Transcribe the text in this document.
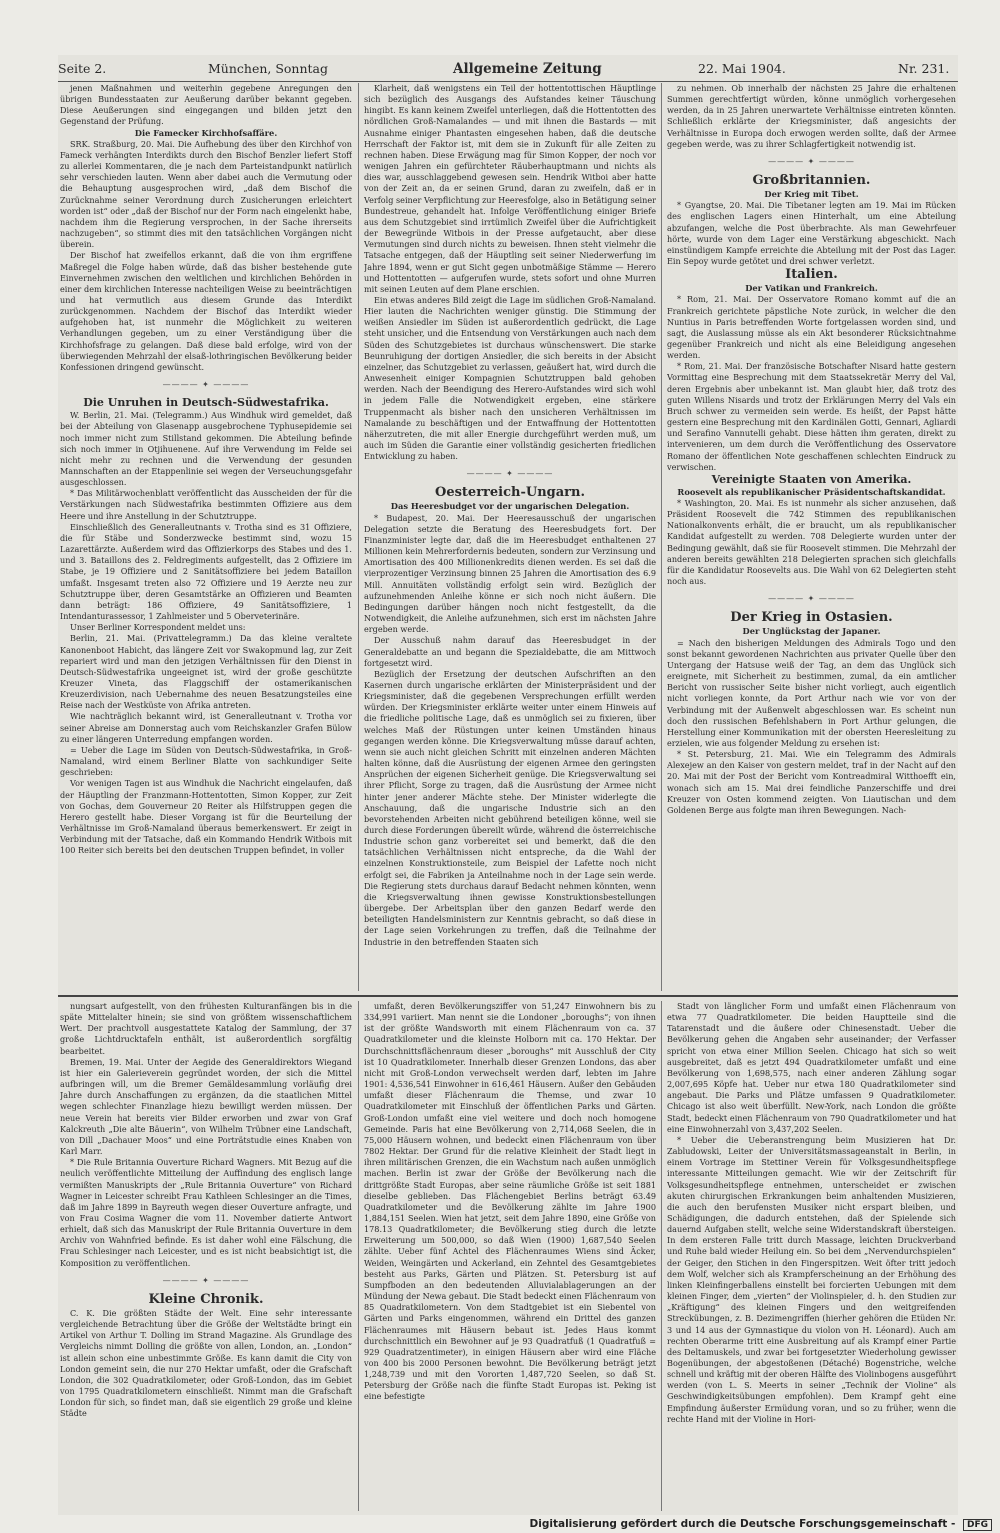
Seite 2.	München, Sonntag	Allgemeine Zeitung	22. Mai 1904.	Nr. 231.

jenen Maßnahmen und weiterhin gegebene Anregungen den übrigen Bundesstaaten zur Aeußerung darüber bekannt gegeben. Diese Aeußerungen sind eingegangen und bilden jetzt den Gegenstand der Prüfung.

Die Famecker Kirchhofsaffäre.

SRK. Straßburg, 20. Mai. Die Aufhebung des über den Kirchhof von Fameck verhängten Interdikts durch den Bischof Benzler liefert Stoff zu allerlei Kommentaren, die je nach dem Parteistandpunkt natürlich sehr verschieden lauten. Wenn aber dabei auch die Vermutung oder die Behauptung ausgesprochen wird, „daß dem Bischof die Zurücknahme seiner Verordnung durch Zusicherungen erleichtert worden ist“ oder „daß der Bischof nur der Form nach eingelenkt habe, nachdem ihm die Regierung versprochen, in der Sache ihrerseits nachzugeben“, so stimmt dies mit den tatsächlichen Vorgängen nicht überein.

Der Bischof hat zweifellos erkannt, daß die von ihm ergriffene Maßregel die Folge haben würde, daß das bisher bestehende gute Einvernehmen zwischen den weltlichen und kirchlichen Behörden in einer dem kirchlichen Interesse nachteiligen Weise zu beeinträchtigen und hat vermutlich aus diesem Grunde das Interdikt zurückgenommen. Nachdem der Bischof das Interdikt wieder aufgehoben hat, ist nunmehr die Möglichkeit zu weiteren Verhandlungen gegeben, um zu einer Verständigung über die Kirchhofsfrage zu gelangen. Daß diese bald erfolge, wird von der überwiegenden Mehrzahl der elsaß-lothringischen Bevölkerung beider Konfessionen dringend gewünscht.

———— ✦ ————

Die Unruhen in Deutsch-Südwestafrika.

W. Berlin, 21. Mai. (Telegramm.) Aus Windhuk wird gemeldet, daß bei der Abteilung von Glasenapp ausgebrochene Typhusepidemie sei noch immer nicht zum Stillstand gekommen. Die Abteilung befinde sich noch immer in Otjihuenene. Auf ihre Verwendung im Felde sei nicht mehr zu rechnen und die Verwendung der gesunden Mannschaften an der Etappenlinie sei wegen der Verseuchungsgefahr ausgeschlossen.

* Das Militärwochenblatt veröffentlicht das Ausscheiden der für die Verstärkungen nach Südwestafrika bestimmten Offiziere aus dem Heere und ihre Anstellung in der Schutztruppe.

Einschließlich des Generalleutnants v. Trotha sind es 31 Offiziere, die für Stäbe und Sonderzwecke bestimmt sind, wozu 15 Lazarettärzte. Außerdem wird das Offizierkorps des Stabes und des 1. und 3. Bataillons des 2. Feldregiments aufgestellt, das 2 Offiziere im Stabe, je 19 Offiziere und 2 Sanitätsoffiziere bei jedem Bataillon umfaßt. Insgesamt treten also 72 Offiziere und 19 Aerzte neu zur Schutztruppe über, deren Gesamtstärke an Offizieren und Beamten dann beträgt: 186 Offiziere, 49 Sanitätsoffiziere, 1 Intendanturassessor, 1 Zahlmeister und 5 Oberveterinäre.

Unser Berliner Korrespondent meldet uns:

Berlin, 21. Mai. (Privattelegramm.) Da das kleine veraltete Kanonenboot Habicht, das längere Zeit vor Swakopmund lag, zur Zeit repariert wird und man den jetzigen Verhältnissen für den Dienst in Deutsch-Südwestafrika ungeeignet ist, wird der große geschützte Kreuzer Vineta, das Flaggschiff der ostamerikanischen Kreuzerdivision, nach Uebernahme des neuen Besatzungsteiles eine Reise nach der Westküste von Afrika antreten.

Wie nachträglich bekannt wird, ist Generalleutnant v. Trotha vor seiner Abreise am Donnerstag auch vom Reichskanzler Grafen Bülow zu einer längeren Unterredung empfangen worden.

= Ueber die Lage im Süden von Deutsch-Südwestafrika, in Groß-Namaland, wird einem Berliner Blatte von sachkundiger Seite geschrieben:

Vor wenigen Tagen ist aus Windhuk die Nachricht eingelaufen, daß der Häuptling der Franzmann-Hottentotten, Simon Kopper, zur Zeit von Gochas, dem Gouverneur 20 Reiter als Hilfstruppen gegen die Herero gestellt habe. Dieser Vorgang ist für die Beurteilung der Verhältnisse im Groß-Namaland überaus bemerkenswert. Er zeigt in Verbindung mit der Tatsache, daß ein Kommando Hendrik Witbois mit 100 Reiter sich bereits bei den deutschen Truppen befindet, in voller

Klarheit, daß wenigstens ein Teil der hottentottischen Häuptlinge sich bezüglich des Ausgangs des Aufstandes keiner Täuschung hingibt. Es kann keinem Zweifel unterliegen, daß die Hottentotten des nördlichen Groß-Namalandes — und mit ihnen die Bastards — mit Ausnahme einiger Phantasten eingesehen haben, daß die deutsche Herrschaft der Faktor ist, mit dem sie in Zukunft für alle Zeiten zu rechnen haben. Diese Erwägung mag für Simon Kopper, der noch vor wenigen Jahren ein gefürchteter Räuberhauptmann und nichts als dies war, ausschlaggebend gewesen sein. Hendrik Witboi aber hatte von der Zeit an, da er seinen Grund, daran zu zweifeln, daß er in Verfolg seiner Verpflichtung zur Heeresfolge, also in Betätigung seiner Bundestreue, gehandelt hat. Infolge Veröffentlichung einiger Briefe aus dem Schutzgebiet sind irrtümlich Zweifel über die Aufrichtigkeit der Bewegründe Witbois in der Presse aufgetaucht, aber diese Vermutungen sind durch nichts zu beweisen. Ihnen steht vielmehr die Tatsache entgegen, daß der Häuptling seit seiner Niederwerfung im Jahre 1894, wenn er gut Sicht gegen unbotmäßige Stämme — Herero und Hottentotten — aufgerufen wurde, stets sofort und ohne Murren mit seinen Leuten auf dem Plane erschien.

Ein etwas anderes Bild zeigt die Lage im südlichen Groß-Namaland. Hier lauten die Nachrichten weniger günstig. Die Stimmung der weißen Ansiedler im Süden ist außerordentlich gedrückt, die Lage steht unsicher, und die Entsendung von Verstärkungen auch nach dem Süden des Schutzgebietes ist durchaus wünschenswert. Die starke Beunruhigung der dortigen Ansiedler, die sich bereits in der Absicht einzelner, das Schutzgebiet zu verlassen, geäußert hat, wird durch die Anwesenheit einiger Kompagnien Schutztruppen bald gehoben werden. Nach der Beendigung des Herero-Aufstandes wird sich wohl in jedem Falle die Notwendigkeit ergeben, eine stärkere Truppenmacht als bisher nach den unsicheren Verhältnissen im Namalande zu beschäftigen und der Entwaffnung der Hottentotten näherzutreten, die mit aller Energie durchgeführt werden muß, um auch im Süden die Garantie einer vollständig gesicherten friedlichen Entwicklung zu haben.

———— ✦ ————

Oesterreich-Ungarn.

Das Heeresbudget vor der ungarischen Delegation.

* Budapest, 20. Mai. Der Heeresausschuß der ungarischen Delegation setzte die Beratung des Heeresbudgets fort. Der Finanzminister legte dar, daß die im Heeresbudget enthaltenen 27 Millionen kein Mehrerfordernis bedeuten, sondern zur Verzinsung und Amortisation des 400 Millionenkredits dienen werden. Es sei daß die vierprozentiger Verzinsung binnen 25 Jahren die Amortisation des 6.9 Mill. Annuitäten vollständig erfolgt sein wird. Bezüglich der aufzunehmenden Anleihe könne er sich noch nicht äußern. Die Bedingungen darüber hängen noch nicht festgestellt, da die Notwendigkeit, die Anleihe aufzunehmen, sich erst im nächsten Jahre ergeben werde.

Der Ausschuß nahm darauf das Heeresbudget in der Generaldebatte an und begann die Spezialdebatte, die am Mittwoch fortgesetzt wird.

Bezüglich der Ersetzung der deutschen Aufschriften an den Kasernen durch ungarische erklärten der Ministerpräsident und der Kriegsminister, daß die gegebenen Versprechungen erfüllt werden würden. Der Kriegsminister erklärte weiter unter einem Hinweis auf die friedliche politische Lage, daß es unmöglich sei zu fixieren, über welches Maß der Rüstungen unter keinen Umständen hinaus gegangen werden könne. Die Kriegsverwaltung müsse darauf achten, wenn sie auch nicht gleichen Schritt mit einzelnen anderen Mächten halten könne, daß die Ausrüstung der eigenen Armee den geringsten Ansprüchen der eigenen Sicherheit genüge. Die Kriegsverwaltung sei ihrer Pflicht, Sorge zu tragen, daß die Ausrüstung der Armee nicht hinter jener anderer Mächte stehe. Der Minister widerlegte die Anschauung, daß die ungarische Industrie sich an den bevorstehenden Arbeiten nicht gebührend beteiligen könne, weil sie durch diese Forderungen übereilt würde, während die österreichische Industrie schon ganz vorbereitet sei und bemerkt, daß die den tatsächlichen Verhältnissen nicht entspreche, da die Wahl der einzelnen Konstruktionsteile, zum Beispiel der Lafette noch nicht erfolgt sei, die Fabriken ja Anteilnahme noch in der Lage sein werde. Die Regierung stets durchaus darauf Bedacht nehmen könnten, wenn die Kriegsverwaltung ihnen gewisse Konstruktionsbestellungen übergebe. Der Arbeitsplan über den ganzen Bedarf werde den beteiligten Handelsministern zur Kenntnis gebracht, so daß diese in der Lage seien Vorkehrungen zu treffen, daß die Teilnahme der Industrie in den betreffenden Staaten sich

zu nehmen. Ob innerhalb der nächsten 25 Jahre die erhaltenen Summen gerechtfertigt würden, könne unmöglich vorhergesehen werden, da in 25 Jahren unerwartete Verhältnisse eintreten könnten. Schließlich erklärte der Kriegsminister, daß angesichts der Verhältnisse in Europa doch erwogen werden sollte, daß der Armee gegeben werde, was zu ihrer Schlagfertigkeit notwendig ist.

———— ✦ ————

Großbritannien.

Der Krieg mit Tibet.

* Gyangtse, 20. Mai. Die Tibetaner legten am 19. Mai im Rücken des englischen Lagers einen Hinterhalt, um eine Abteilung abzufangen, welche die Post überbrachte. Als man Gewehrfeuer hörte, wurde von dem Lager eine Verstärkung abgeschickt. Nach einstündigem Kampfe erreichte die Abteilung mit der Post das Lager. Ein Sepoy wurde getötet und drei schwer verletzt.

Italien.

Der Vatikan und Frankreich.

* Rom, 21. Mai. Der Osservatore Romano kommt auf die an Frankreich gerichtete päpstliche Note zurück, in welcher die den Nuntius in Paris betreffenden Worte fortgelassen worden sind, und sagt, die Auslassung müsse als ein Akt besonderer Rücksichtnahme gegenüber Frankreich und nicht als eine Beleidigung angesehen werden.

* Rom, 21. Mai. Der französische Botschafter Nisard hatte gestern Vormittag eine Besprechung mit dem Staatssekretär Merry del Val, deren Ergebnis aber unbekannt ist. Man glaubt hier, daß trotz des guten Willens Nisards und trotz der Erklärungen Merry del Vals ein Bruch schwer zu vermeiden sein werde. Es heißt, der Papst hätte gestern eine Besprechung mit den Kardinälen Gotti, Gennari, Agliardi und Serafino Vannutelli gehabt. Diese hätten ihm geraten, direkt zu intervenieren, um dem durch die Veröffentlichung des Osservatore Romano der öffentlichen Note geschaffenen schlechten Eindruck zu verwischen.

Vereinigte Staaten von Amerika.

Roosevelt als republikanischer Präsidentschaftskandidat.

* Washington, 20. Mai. Es ist nunmehr als sicher anzusehen, daß Präsident Roosevelt die 742 Stimmen des republikanischen Nationalkonvents erhält, die er braucht, um als republikanischer Kandidat aufgestellt zu werden. 708 Delegierte wurden unter der Bedingung gewählt, daß sie für Roosevelt stimmen. Die Mehrzahl der anderen bereits gewählten 218 Delegierten sprachen sich gleichfalls für die Kandidatur Roosevelts aus. Die Wahl von 62 Delegierten steht noch aus.

———— ✦ ————

Der Krieg in Ostasien.

Der Unglückstag der Japaner.

= Nach den bisherigen Meldungen des Admirals Togo und den sonst bekannt gewordenen Nachrichten aus privater Quelle über den Untergang der Hatsuse weiß der Tag, an dem das Unglück sich ereignete, mit Sicherheit zu bestimmen, zumal, da ein amtlicher Bericht von russischer Seite bisher nicht vorliegt, auch eigentlich nicht vorliegen konnte, da Port Arthur nach wie vor von der Verbindung mit der Außenwelt abgeschlossen war. Es scheint nun doch den russischen Befehlshabern in Port Arthur gelungen, die Herstellung einer Kommunikation mit der obersten Heeresleitung zu erzielen, wie aus folgender Meldung zu ersehen ist:

* St. Petersburg, 21. Mai. Wie ein Telegramm des Admirals Alexejew an den Kaiser von gestern meldet, traf in der Nacht auf den 20. Mai mit der Post der Bericht vom Kontreadmiral Witthoefft ein, wonach sich am 15. Mai drei feindliche Panzerschiffe und drei Kreuzer von Osten kommend zeigten. Von Liautischan und dem Goldenen Berge aus folgte man ihren Bewegungen. Nach-

nungsart aufgestellt, von den frühesten Kulturanfängen bis in die späte Mittelalter hinein; sie sind von größtem wissenschaftlichem Wert. Der prachtvoll ausgestattete Katalog der Sammlung, der 37 große Lichtdrucktafeln enthält, ist außerordentlich sorgfältig bearbeitet.

Bremen, 19. Mai. Unter der Aegide des Generaldirektors Wiegand ist hier ein Galerieverein gegründet worden, der sich die Mittel aufbringen will, um die Bremer Gemäldesammlung vorläufig drei Jahre durch Anschaffungen zu ergänzen, da die staatlichen Mittel wegen schlechter Finanzlage hiezu bewilligt werden müssen. Der neue Verein hat bereits vier Bilder erworben und zwar von Graf Kalckreuth „Die alte Bäuerin“, von Wilhelm Trübner eine Landschaft, von Dill „Dachauer Moos“ und eine Porträtstudie eines Knaben von Karl Marr.

* Die Rule Britannia Ouverture Richard Wagners. Mit Bezug auf die neulich veröffentlichte Mitteilung der Auffindung des englisch lange vermißten Manuskripts der „Rule Britannia Ouverture“ von Richard Wagner in Leicester schreibt Frau Kathleen Schlesinger an die Times, daß im Jahre 1899 in Bayreuth wegen dieser Ouverture anfragte, und von Frau Cosima Wagner die vom 11. November datierte Antwort erhielt, daß sich das Manuskript der Rule Britannia Ouverture in dem Archiv von Wahnfried befinde. Es ist daher wohl eine Fälschung, die Frau Schlesinger nach Leicester, und es ist nicht beabsichtigt ist, die Komposition zu veröffentlichen.

———— ✦ ————

Kleine Chronik.

C. K. Die größten Städte der Welt. Eine sehr interessante vergleichende Betrachtung über die Größe der Weltstädte bringt ein Artikel von Arthur T. Dolling im Strand Magazine. Als Grundlage des Vergleichs nimmt Dolling die größte von allen, London, an. „London“ ist allein schon eine unbestimmte Größe. Es kann damit die City von London gemeint sein, die nur 270 Hektar umfaßt, oder die Grafschaft London, die 302 Quadratkilometer, oder Groß-London, das im Gebiet von 1795 Quadratkilometern einschließt. Nimmt man die Grafschaft London für sich, so findet man, daß sie eigentlich 29 große und kleine Städte

umfaßt, deren Bevölkerungsziffer von 51,247 Einwohnern bis zu 334,991 variiert. Man nennt sie die Londoner „boroughs“; von ihnen ist der größte Wandsworth mit einem Flächenraum von ca. 37 Quadratkilometer und die kleinste Holborn mit ca. 170 Hektar. Der Durchschnittsflächenraum dieser „boroughs“ mit Ausschluß der City ist 10 Quadratkilometer. Innerhalb dieser Grenzen Londons, das aber nicht mit Groß-London verwechselt werden darf, lebten im Jahre 1901: 4,536,541 Einwohner in 616,461 Häusern. Außer den Gebäuden umfaßt dieser Flächenraum die Themse, und zwar 10 Quadratkilometer mit Einschluß der öffentlichen Parks und Gärten. Groß-London umfaßt eine viel weitere und doch noch homogene Gemeinde. Paris hat eine Bevölkerung von 2,714,068 Seelen, die in 75,000 Häusern wohnen, und bedeckt einen Flächenraum von über 7802 Hektar. Der Grund für die relative Kleinheit der Stadt liegt in ihren militärischen Grenzen, die ein Wachstum nach außen unmöglich machen. Berlin ist zwar der Größe der Bevölkerung nach die drittgrößte Stadt Europas, aber seine räumliche Größe ist seit 1881 dieselbe geblieben. Das Flächengebiet Berlins beträgt 63.49 Quadratkilometer und die Bevölkerung zählte im Jahre 1900 1,884,151 Seelen. Wien hat jetzt, seit dem Jahre 1890, eine Größe von 178.13 Quadratkilometer; die Bevölkerung stieg durch die letzte Erweiterung um 500,000, so daß Wien (1900) 1,687,540 Seelen zählte. Ueber fünf Achtel des Flächenraumes Wiens sind Äcker, Weiden, Weingärten und Ackerland, ein Zehntel des Gesamtgebietes besteht aus Parks, Gärten und Plätzen. St. Petersburg ist auf Sumpfboden an den bedeutenden Alluvialablagerungen an der Mündung der Newa gebaut. Die Stadt bedeckt einen Flächenraum von 85 Quadratkilometern. Von dem Stadtgebiet ist ein Siebentel von Gärten und Parks eingenommen, während ein Drittel des ganzen Flächenraumes mit Häusern bebaut ist. Jedes Haus kommt durchschnittlich ein Bewohner auf je 93 Quadratfuß (1 Quadratfuß = 929 Quadratzentimeter), in einigen Häusern aber wird eine Fläche von 400 bis 2000 Personen bewohnt. Die Bevölkerung beträgt jetzt 1,248,739 und mit den Vororten 1,487,720 Seelen, so daß St. Petersburg der Größe nach die fünfte Stadt Europas ist. Peking ist eine befestigte

Stadt von länglicher Form und umfaßt einen Flächenraum von etwa 77 Quadratkilometer. Die beiden Hauptteile sind die Tatarenstadt und die äußere oder Chinesenstadt. Ueber die Bevölkerung gehen die Angaben sehr auseinander; der Verfasser spricht von etwa einer Million Seelen. Chicago hat sich so weit ausgebreitet, daß es jetzt 494 Quadratkilometer umfaßt und eine Bevölkerung von 1,698,575, nach einer anderen Zählung sogar 2,007,695 Köpfe hat. Ueber nur etwa 180 Quadratkilometer sind angebaut. Die Parks und Plätze umfassen 9 Quadratkilometer. Chicago ist also weit überfüllt. New-York, nach London die größte Stadt, bedeckt einen Flächenraum von 790 Quadratkilometer und hat eine Einwohnerzahl von 3,437,202 Seelen.

* Ueber die Ueberanstrengung beim Musizieren hat Dr. Zabludowski, Leiter der Universitätsmassageanstalt in Berlin, in einem Vortrage im Stettiner Verein für Volksgesundheitspflege interessante Mitteilungen gemacht. Wie wir der Zeitschrift für Volksgesundheitspflege entnehmen, unterscheidet er zwischen akuten chirurgischen Erkrankungen beim anhaltenden Musizieren, die auch den berufensten Musiker nicht erspart bleiben, und Schädigungen, die dadurch entstehen, daß der Spielende sich dauernd Aufgaben stellt, welche seine Widerstandskraft übersteigen. In dem ersteren Falle tritt durch Massage, leichten Druckverband und Ruhe bald wieder Heilung ein. So bei dem „Nervendurchspielen“ der Geiger, den Stichen in den Fingerspitzen. Weit öfter tritt jedoch dem Wolf, welcher sich als Krampferscheinung an der Erhöhung des linken Kleinfingerballens einstellt bei forcierten Uebungen mit dem kleinen Finger, dem „vierten“ der Violinspieler, d. h. den Studien zur „Kräftigung“ des kleinen Fingers und den weitgreifenden Streckübungen, z. B. Dezimengriffen (hierher gehören die Etüden Nr. 3 und 14 aus der Gymnastique du violon von H. Léonard). Auch am rechten Oberarme tritt eine Ausbreitung auf als Krampf einer Partie des Deltamuskels, und zwar bei fortgesetzter Wiederholung gewisser Bogenübungen, der abgestoßenen (Détaché) Bogenstriche, welche schnell und kräftig mit der oberen Hälfte des Violinbogens ausgeführt werden (von L. S. Meerts in seiner „Technik der Violine“ als Geschwindigkeitsübungen empfohlen). Dem Krampf geht eine Empfindung äußerster Ermüdung voran, und so zu früher, wenn die rechte Hand mit der Violine in Hori-

Digitalisierung gefördert durch die Deutsche Forschungsgemeinschaft - DFG
